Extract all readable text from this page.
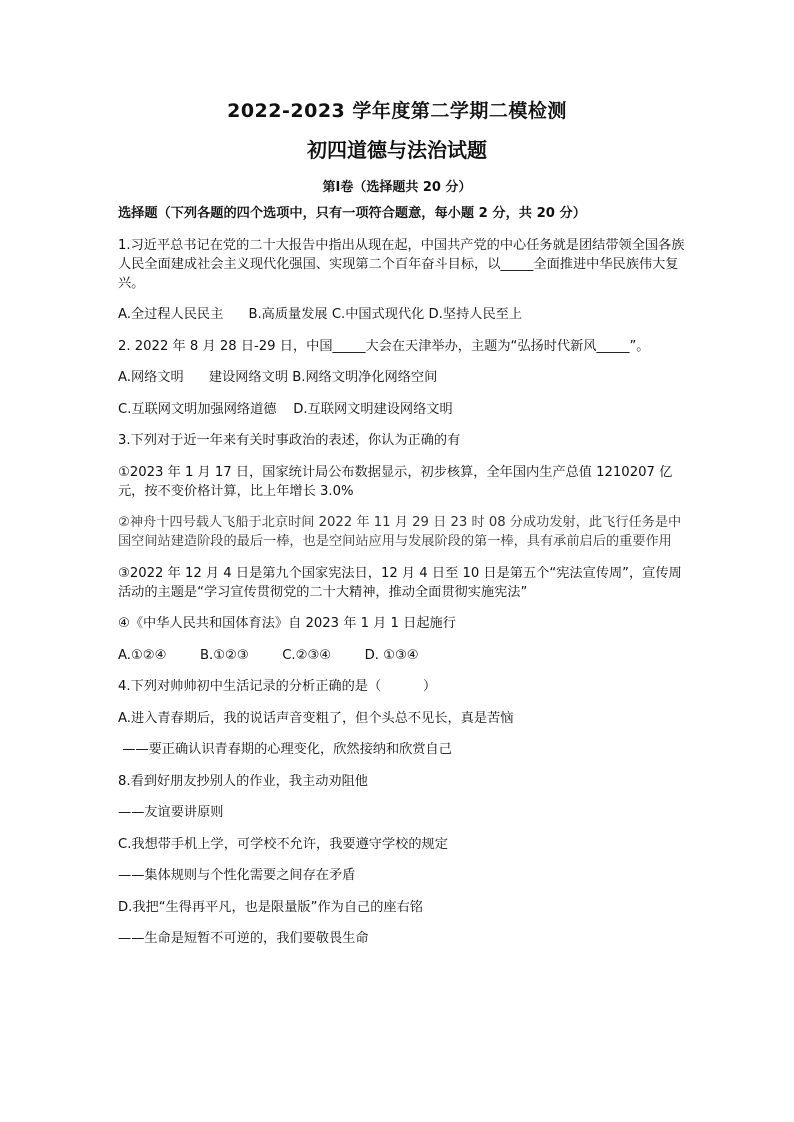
2022-2023 学年度第二学期二模检测
初四道德与法治试题
第Ⅰ卷（选择题共 20 分）

选择题（下列各题的四个选项中，只有一项符合题意，每小题 2 分，共 20 分）

1.习近平总书记在党的二十大报告中指出从现在起，中国共产党的中心任务就是团结带领全国各族人民全面建成社会主义现代化强国、实现第二个百年奋斗目标，以_____全面推进中华民族伟大复兴。

A.全过程人民民主      B.高质量发展 C.中国式现代化 D.坚持人民至上

2. 2022 年 8 月 28 日-29 日，中国_____大会在天津举办，主题为“弘扬时代新风_____”。

A.网络文明      建设网络文明 B.网络文明净化网络空间

C.互联网文明加强网络道德    D.互联网文明建设网络文明

3.下列对于近一年来有关时事政治的表述，你认为正确的有

①2023 年 1 月 17 日，国家统计局公布数据显示，初步核算，全年国内生产总值 1210207 亿元，按不变价格计算，比上年增长 3.0%

②神舟十四号载人飞船于北京时间 2022 年 11 月 29 日 23 时 08 分成功发射，此飞行任务是中国空间站建造阶段的最后一棒，也是空间站应用与发展阶段的第一棒，具有承前启后的重要作用

③2022 年 12 月 4 日是第九个国家宪法日，12 月 4 日至 10 日是第五个“宪法宣传周”，宣传周活动的主题是“学习宣传贯彻党的二十大精神，推动全面贯彻实施宪法”

④《中华人民共和国体育法》自 2023 年 1 月 1 日起施行

A.①②④        B.①②③        C.②③④        D. ①③④

4.下列对帅帅初中生活记录的分析正确的是（          ）

A.进入青春期后，我的说话声音变粗了，但个头总不见长，真是苦恼

——要正确认识青春期的心理变化，欣然接纳和欣赏自己

8.看到好朋友抄别人的作业，我主动劝阻他

——友谊要讲原则

C.我想带手机上学，可学校不允许，我要遵守学校的规定

——集体规则与个性化需要之间存在矛盾

D.我把“生得再平凡，也是限量版”作为自己的座右铭

——生命是短暂不可逆的，我们要敬畏生命
